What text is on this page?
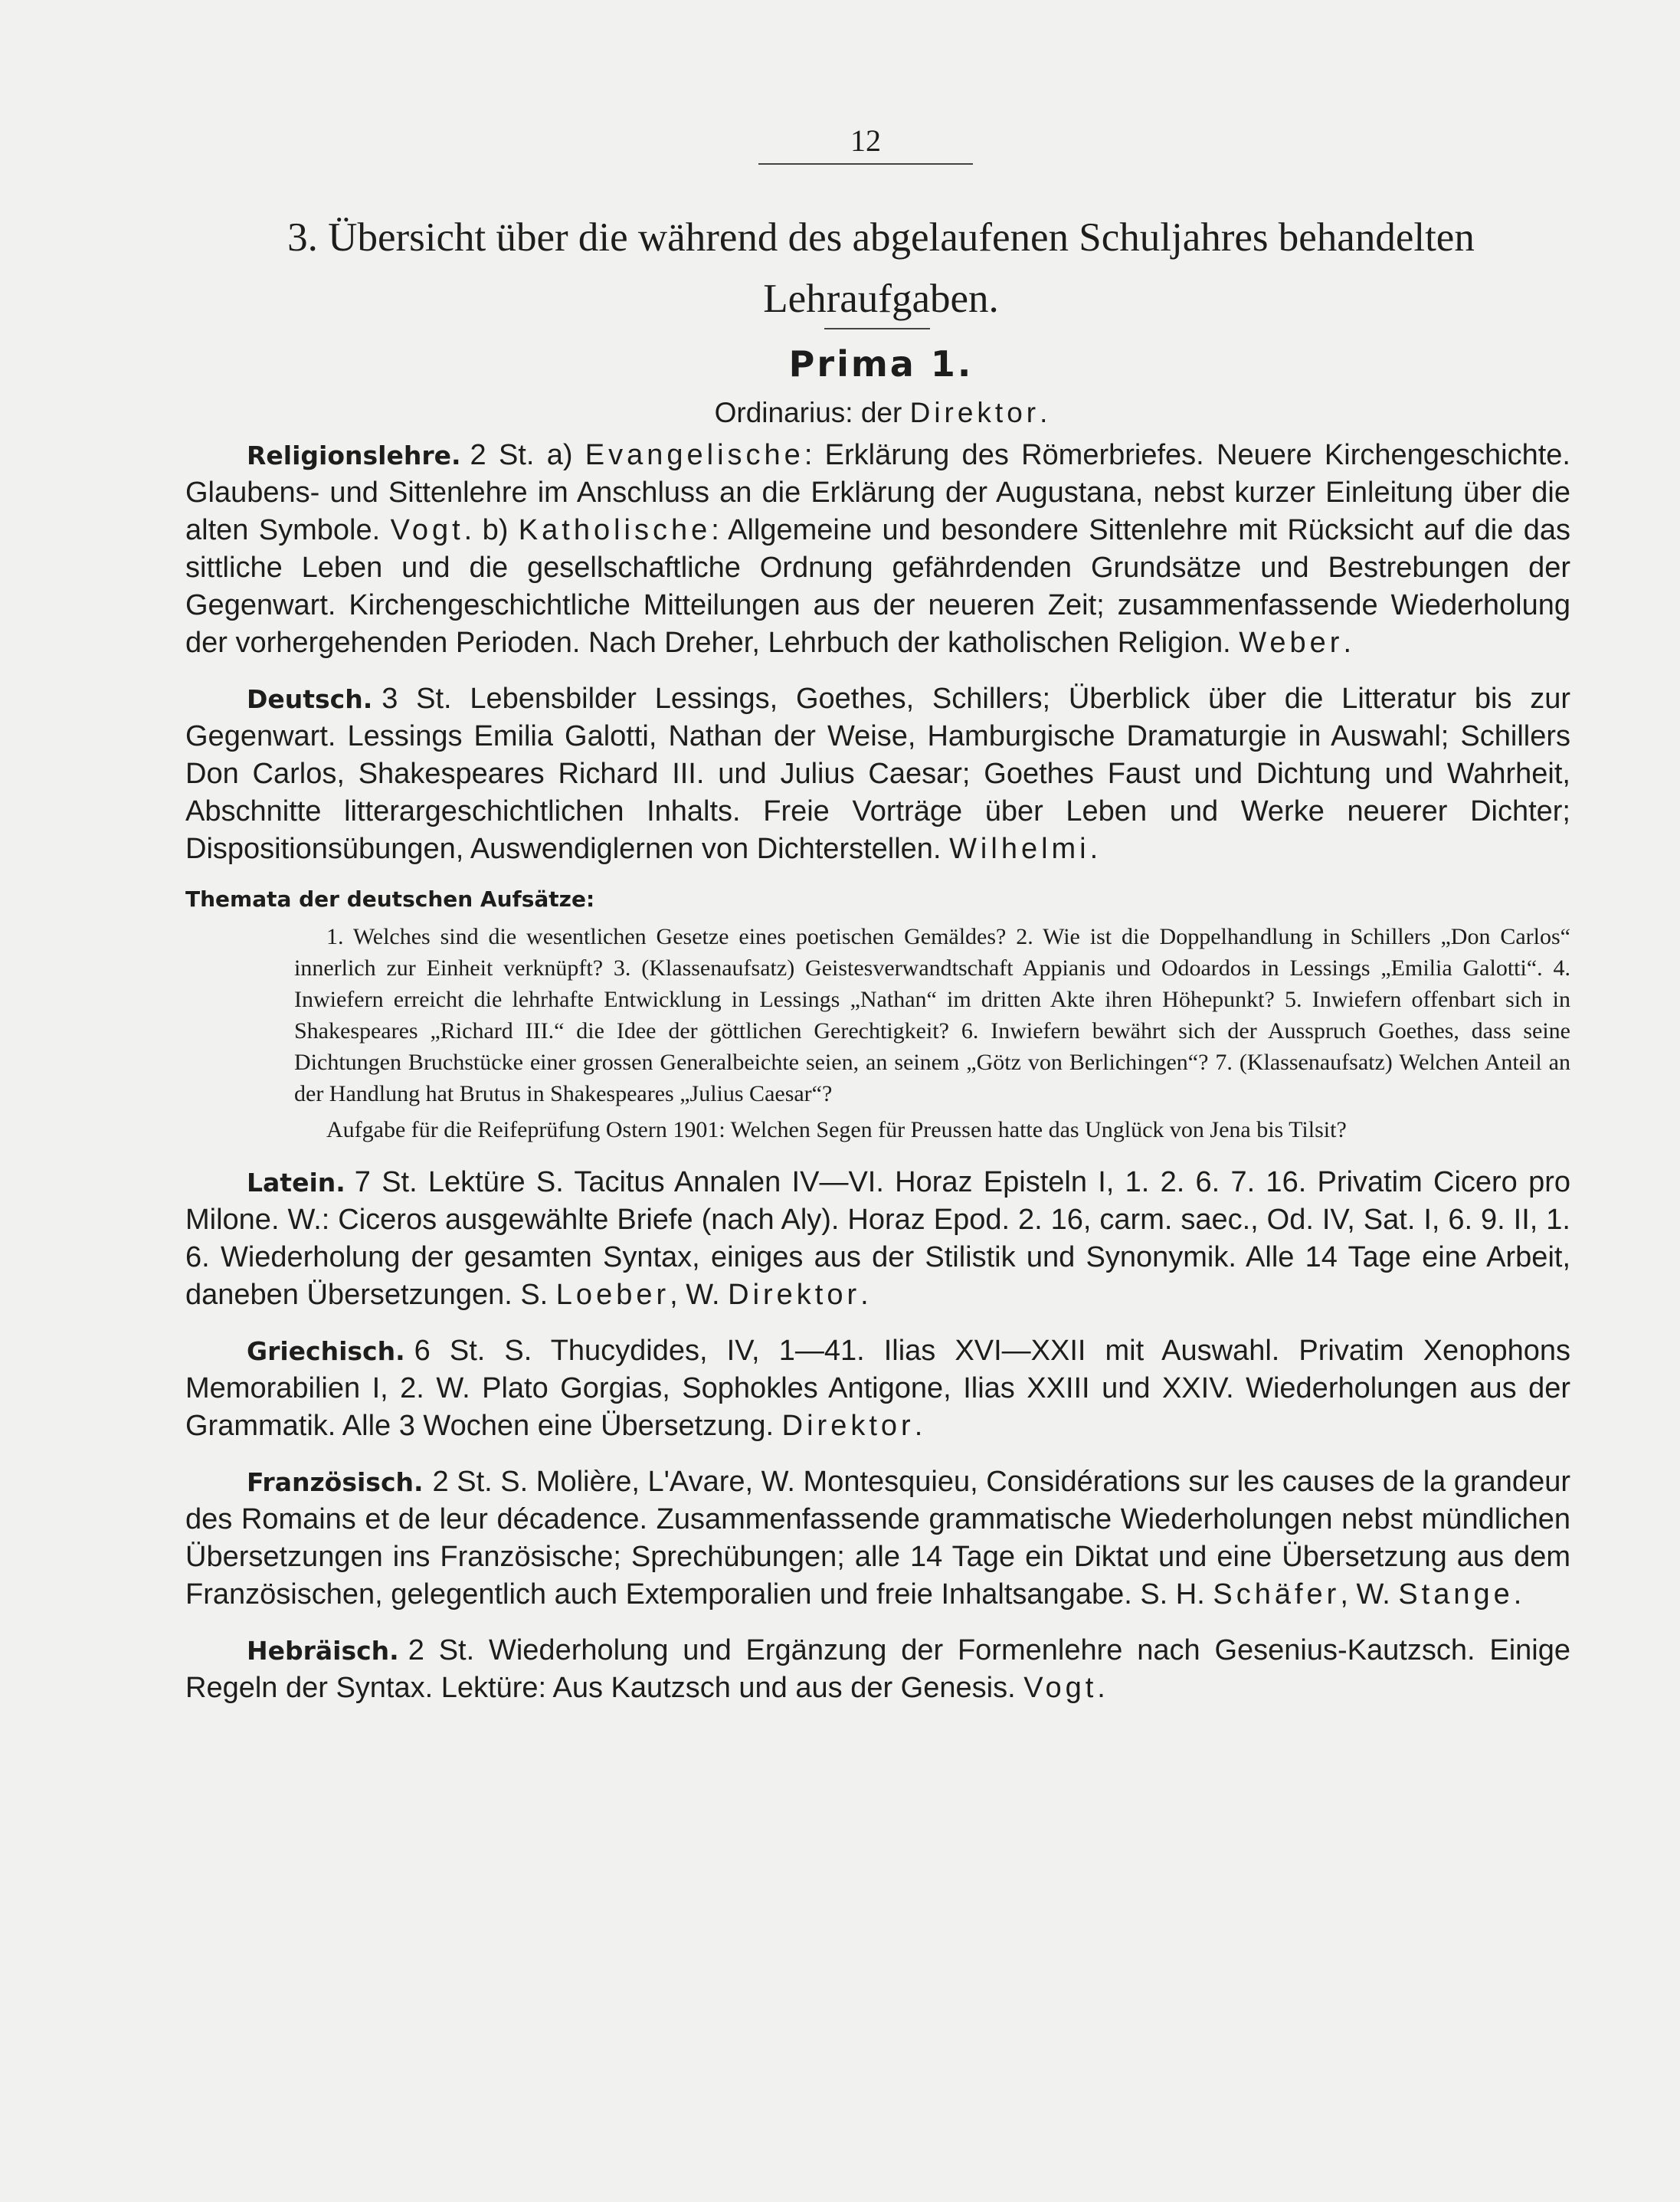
12
3. Übersicht über die während des abgelaufenen Schuljahres behandelten Lehraufgaben.
Prima 1.
Ordinarius: der Direktor.

Religionslehre. 2 St. a) Evangelische: Erklärung des Römerbriefes. Neuere Kirchengeschichte. Glaubens- und Sittenlehre im Anschluss an die Erklärung der Augustana, nebst kurzer Einleitung über die alten Symbole. Vogt. b) Katholische: Allgemeine und besondere Sittenlehre mit Rücksicht auf die das sittliche Leben und die gesellschaftliche Ordnung gefährdenden Grundsätze und Bestrebungen der Gegenwart. Kirchengeschichtliche Mitteilungen aus der neueren Zeit; zusammenfassende Wiederholung der vorhergehenden Perioden. Nach Dreher, Lehrbuch der katholischen Religion. Weber.

Deutsch. 3 St. Lebensbilder Lessings, Goethes, Schillers; Überblick über die Litteratur bis zur Gegenwart. Lessings Emilia Galotti, Nathan der Weise, Hamburgische Dramaturgie in Auswahl; Schillers Don Carlos, Shakespeares Richard III. und Julius Caesar; Goethes Faust und Dichtung und Wahrheit, Abschnitte litterargeschichtlichen Inhalts. Freie Vorträge über Leben und Werke neuerer Dichter; Dispositionsübungen, Auswendiglernen von Dichterstellen. Wilhelmi.

Themata der deutschen Aufsätze:

1. Welches sind die wesentlichen Gesetze eines poetischen Gemäldes? 2. Wie ist die Doppelhandlung in Schillers „Don Carlos“ innerlich zur Einheit verknüpft? 3. (Klassenaufsatz) Geistesverwandtschaft Appianis und Odoardos in Lessings „Emilia Galotti“. 4. Inwiefern erreicht die lehrhafte Entwicklung in Lessings „Nathan“ im dritten Akte ihren Höhepunkt? 5. Inwiefern offenbart sich in Shakespeares „Richard III.“ die Idee der göttlichen Gerechtigkeit? 6. Inwiefern bewährt sich der Ausspruch Goethes, dass seine Dichtungen Bruchstücke einer grossen Generalbeichte seien, an seinem „Götz von Berlichingen“? 7. (Klassenaufsatz) Welchen Anteil an der Handlung hat Brutus in Shakespeares „Julius Caesar“?

Aufgabe für die Reifeprüfung Ostern 1901: Welchen Segen für Preussen hatte das Unglück von Jena bis Tilsit?

Latein. 7 St. Lektüre S. Tacitus Annalen IV—VI. Horaz Episteln I, 1. 2. 6. 7. 16. Privatim Cicero pro Milone. W.: Ciceros ausgewählte Briefe (nach Aly). Horaz Epod. 2. 16, carm. saec., Od. IV, Sat. I, 6. 9. II, 1. 6. Wiederholung der gesamten Syntax, einiges aus der Stilistik und Synonymik. Alle 14 Tage eine Arbeit, daneben Übersetzungen. S. Loeber, W. Direktor.

Griechisch. 6 St. S. Thucydides, IV, 1—41. Ilias XVI—XXII mit Auswahl. Privatim Xenophons Memorabilien I, 2. W. Plato Gorgias, Sophokles Antigone, Ilias XXIII und XXIV. Wiederholungen aus der Grammatik. Alle 3 Wochen eine Übersetzung. Direktor.

Französisch. 2 St. S. Molière, L'Avare, W. Montesquieu, Considérations sur les causes de la grandeur des Romains et de leur décadence. Zusammenfassende grammatische Wiederholungen nebst mündlichen Übersetzungen ins Französische; Sprechübungen; alle 14 Tage ein Diktat und eine Übersetzung aus dem Französischen, gelegentlich auch Extemporalien und freie Inhaltsangabe. S. H. Schäfer, W. Stange.

Hebräisch. 2 St. Wiederholung und Ergänzung der Formenlehre nach Gesenius-Kautzsch. Einige Regeln der Syntax. Lektüre: Aus Kautzsch und aus der Genesis. Vogt.
